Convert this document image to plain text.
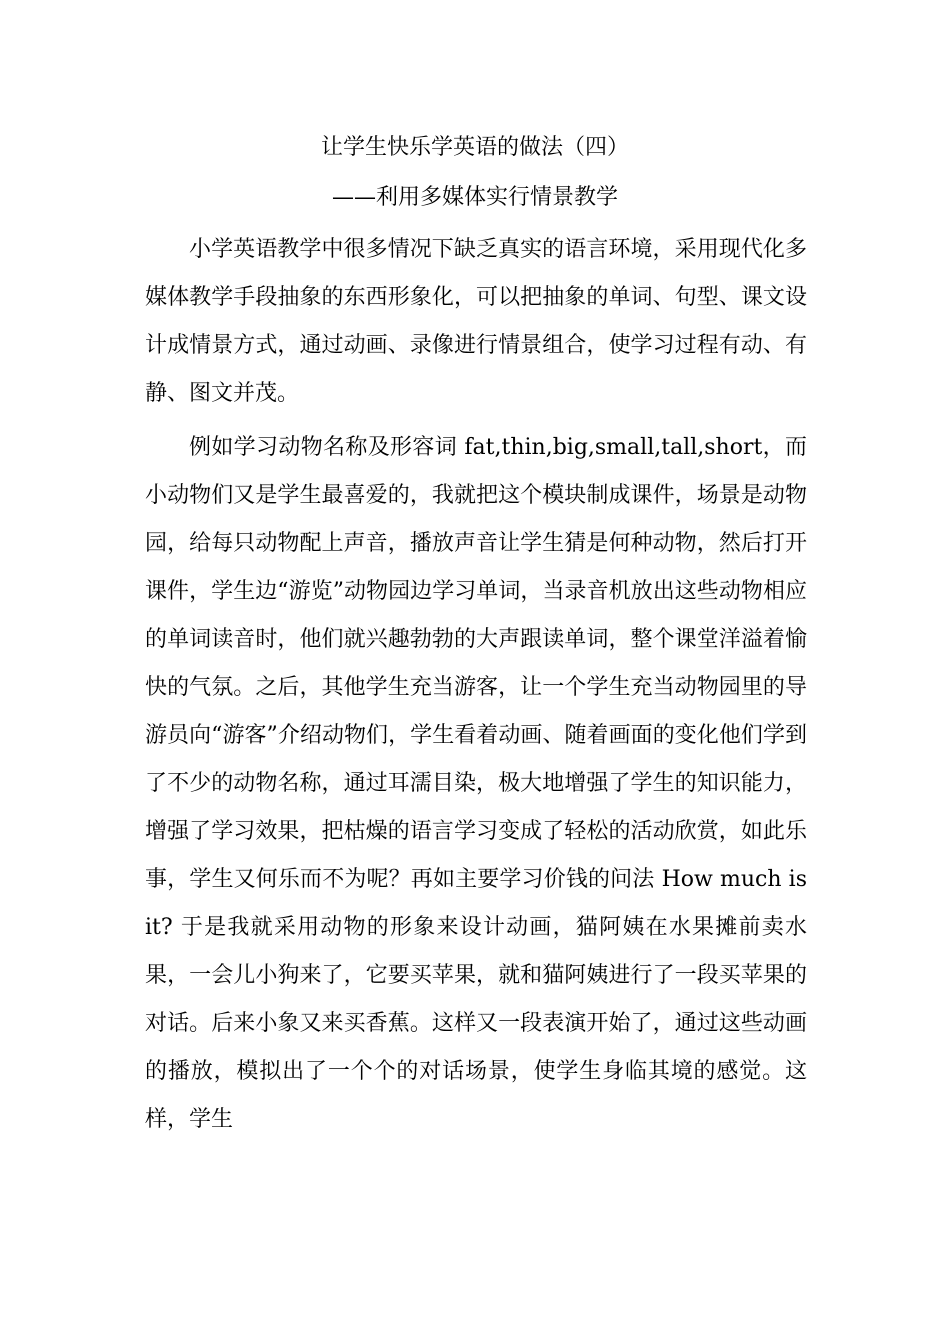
让学生快乐学英语的做法（四）
——利用多媒体实行情景教学

小学英语教学中很多情况下缺乏真实的语言环境，采用现代化多媒体教学手段抽象的东西形象化，可以把抽象的单词、句型、课文设计成情景方式，通过动画、录像进行情景组合，使学习过程有动、有静、图文并茂。

例如学习动物名称及形容词 fat,thin,big,small,tall,short，而小动物们又是学生最喜爱的，我就把这个模块制成课件，场景是动物园，给每只动物配上声音，播放声音让学生猜是何种动物，然后打开课件，学生边“游览”动物园边学习单词，当录音机放出这些动物相应的单词读音时，他们就兴趣勃勃的大声跟读单词，整个课堂洋溢着愉快的气氛。之后，其他学生充当游客，让一个学生充当动物园里的导游员向“游客”介绍动物们，学生看着动画、随着画面的变化他们学到了不少的动物名称，通过耳濡目染，极大地增强了学生的知识能力，增强了学习效果，把枯燥的语言学习变成了轻松的活动欣赏，如此乐事，学生又何乐而不为呢？再如主要学习价钱的问法 How much is it? 于是我就采用动物的形象来设计动画，猫阿姨在水果摊前卖水果，一会儿小狗来了，它要买苹果，就和猫阿姨进行了一段买苹果的对话。后来小象又来买香蕉。这样又一段表演开始了，通过这些动画的播放，模拟出了一个个的对话场景，使学生身临其境的感觉。这样，学生
